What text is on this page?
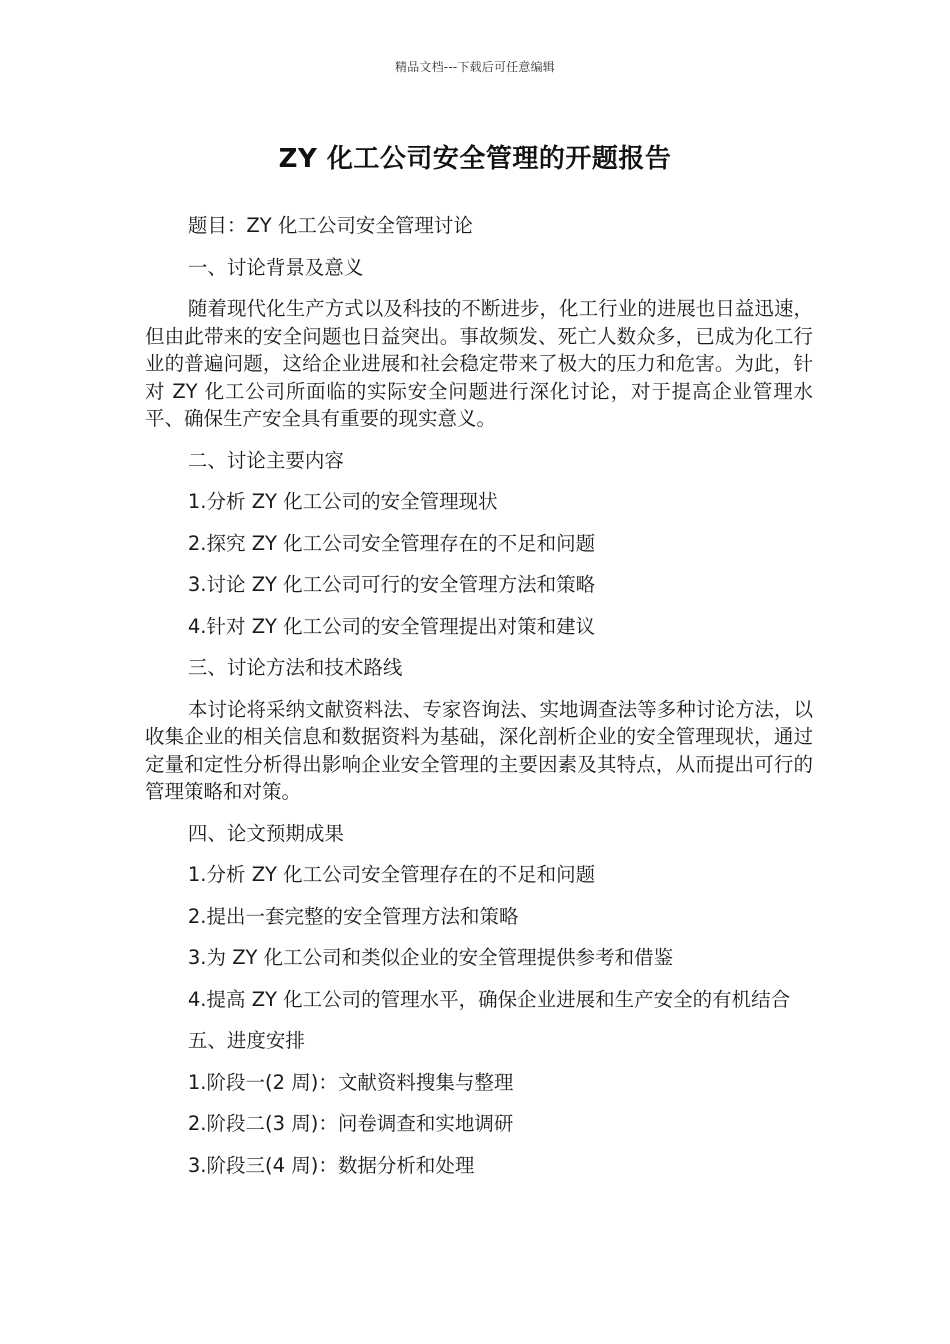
精品文档---下载后可任意编辑
ZY 化工公司安全管理的开题报告

题目：ZY 化工公司安全管理讨论

一、讨论背景及意义

随着现代化生产方式以及科技的不断进步，化工行业的进展也日益迅速，但由此带来的安全问题也日益突出。事故频发、死亡人数众多，已成为化工行业的普遍问题，这给企业进展和社会稳定带来了极大的压力和危害。为此，针对 ZY 化工公司所面临的实际安全问题进行深化讨论，对于提高企业管理水平、确保生产安全具有重要的现实意义。

二、讨论主要内容

1.分析 ZY 化工公司的安全管理现状

2.探究 ZY 化工公司安全管理存在的不足和问题

3.讨论 ZY 化工公司可行的安全管理方法和策略

4.针对 ZY 化工公司的安全管理提出对策和建议

三、讨论方法和技术路线

本讨论将采纳文献资料法、专家咨询法、实地调查法等多种讨论方法，以收集企业的相关信息和数据资料为基础，深化剖析企业的安全管理现状，通过定量和定性分析得出影响企业安全管理的主要因素及其特点，从而提出可行的管理策略和对策。

四、论文预期成果

1.分析 ZY 化工公司安全管理存在的不足和问题

2.提出一套完整的安全管理方法和策略

3.为 ZY 化工公司和类似企业的安全管理提供参考和借鉴

4.提高 ZY 化工公司的管理水平，确保企业进展和生产安全的有机结合

五、进度安排

1.阶段一(2 周)：文献资料搜集与整理

2.阶段二(3 周)：问卷调查和实地调研

3.阶段三(4 周)：数据分析和处理
